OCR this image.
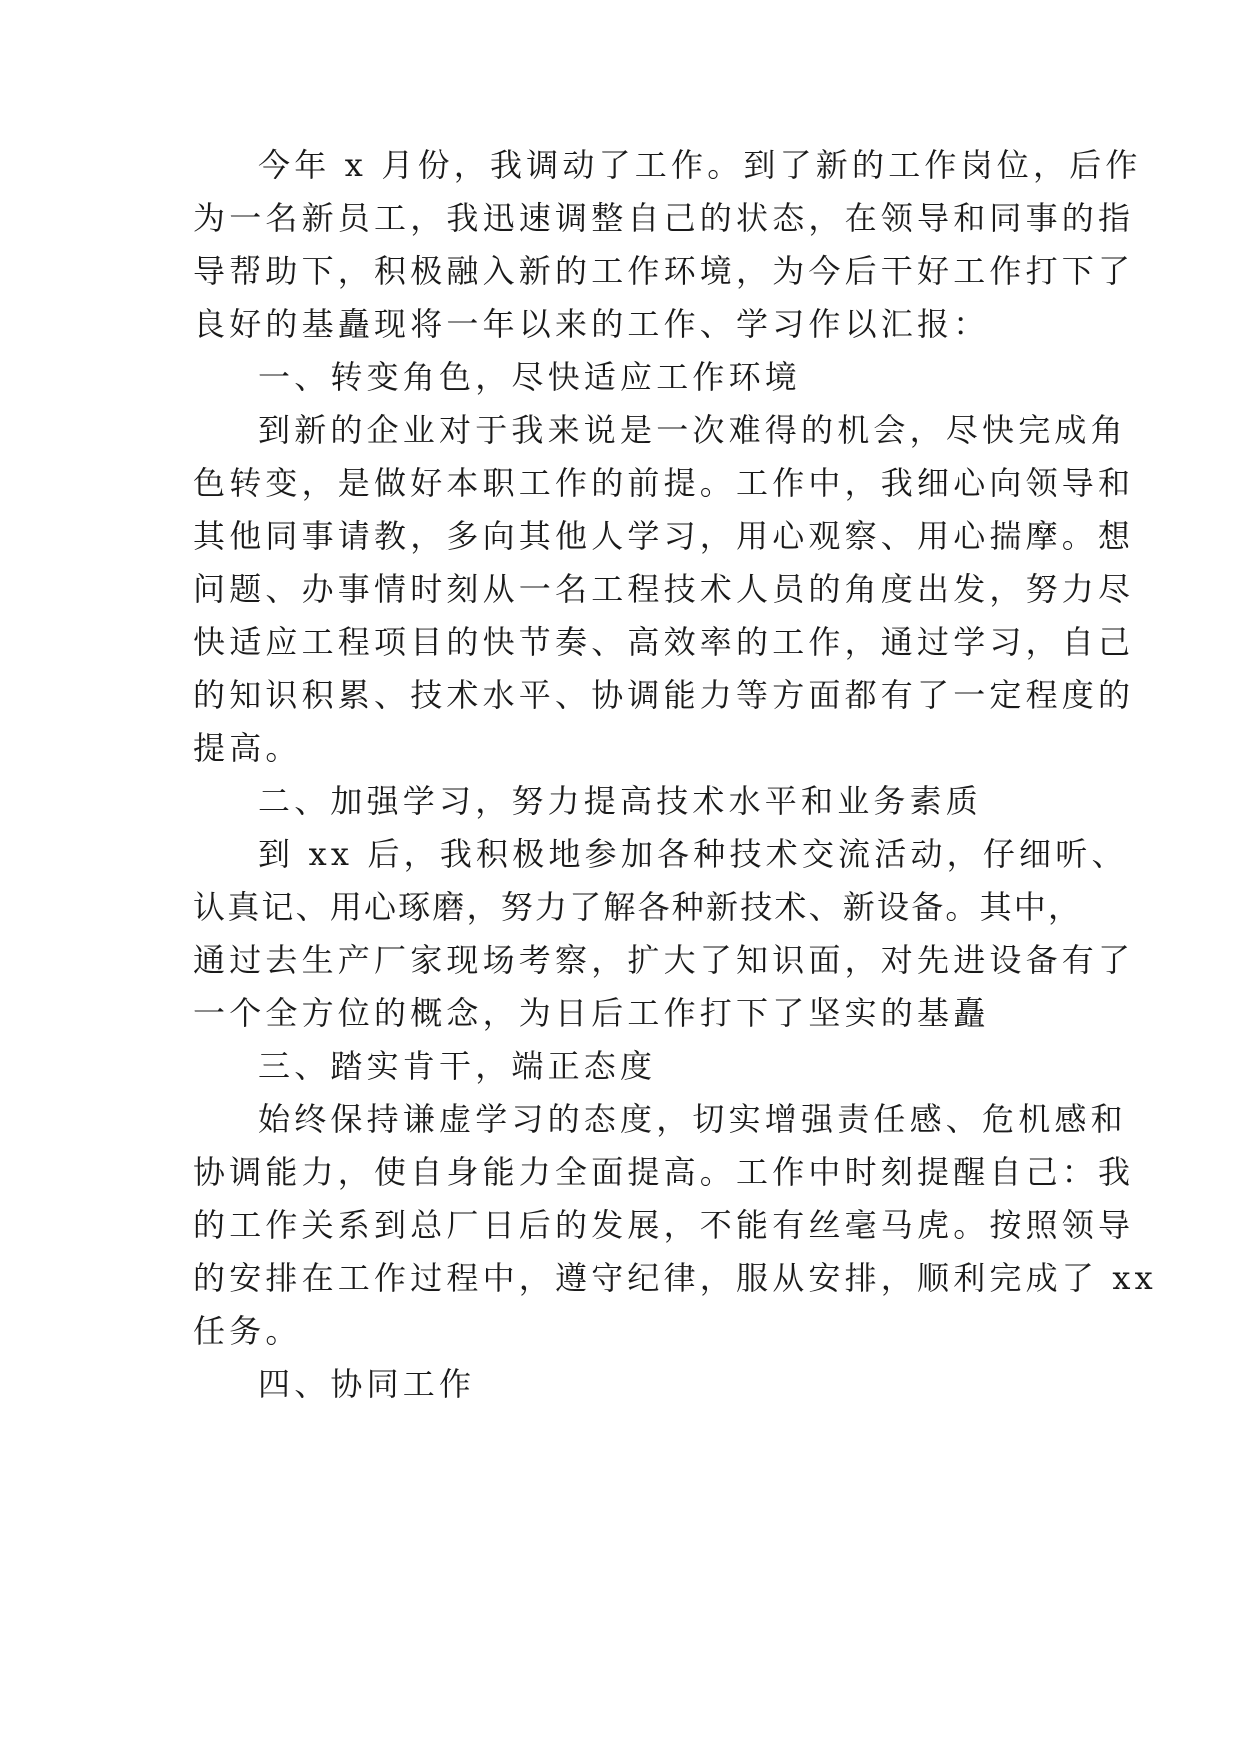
今年 x 月份，我调动了工作。到了新的工作岗位，后作
为一名新员工，我迅速调整自己的状态，在领导和同事的指
导帮助下，积极融入新的工作环境，为今后干好工作打下了
良好的基矗现将一年以来的工作、学习作以汇报：
一、转变角色，尽快适应工作环境
到新的企业对于我来说是一次难得的机会，尽快完成角
色转变，是做好本职工作的前提。工作中，我细心向领导和
其他同事请教，多向其他人学习，用心观察、用心揣摩。想
问题、办事情时刻从一名工程技术人员的角度出发，努力尽
快适应工程项目的快节奏、高效率的工作，通过学习，自己
的知识积累、技术水平、协调能力等方面都有了一定程度的
提高。
二、加强学习，努力提高技术水平和业务素质
到 xx 后，我积极地参加各种技术交流活动，仔细听、
认真记、用心琢磨，努力了解各种新技术、新设备。其中，
通过去生产厂家现场考察，扩大了知识面，对先进设备有了
一个全方位的概念，为日后工作打下了坚实的基矗
三、踏实肯干，端正态度
始终保持谦虚学习的态度，切实增强责任感、危机感和
协调能力，使自身能力全面提高。工作中时刻提醒自己：我
的工作关系到总厂日后的发展，不能有丝毫马虎。按照领导
的安排在工作过程中，遵守纪律，服从安排，顺利完成了 xx
任务。
四、协同工作
